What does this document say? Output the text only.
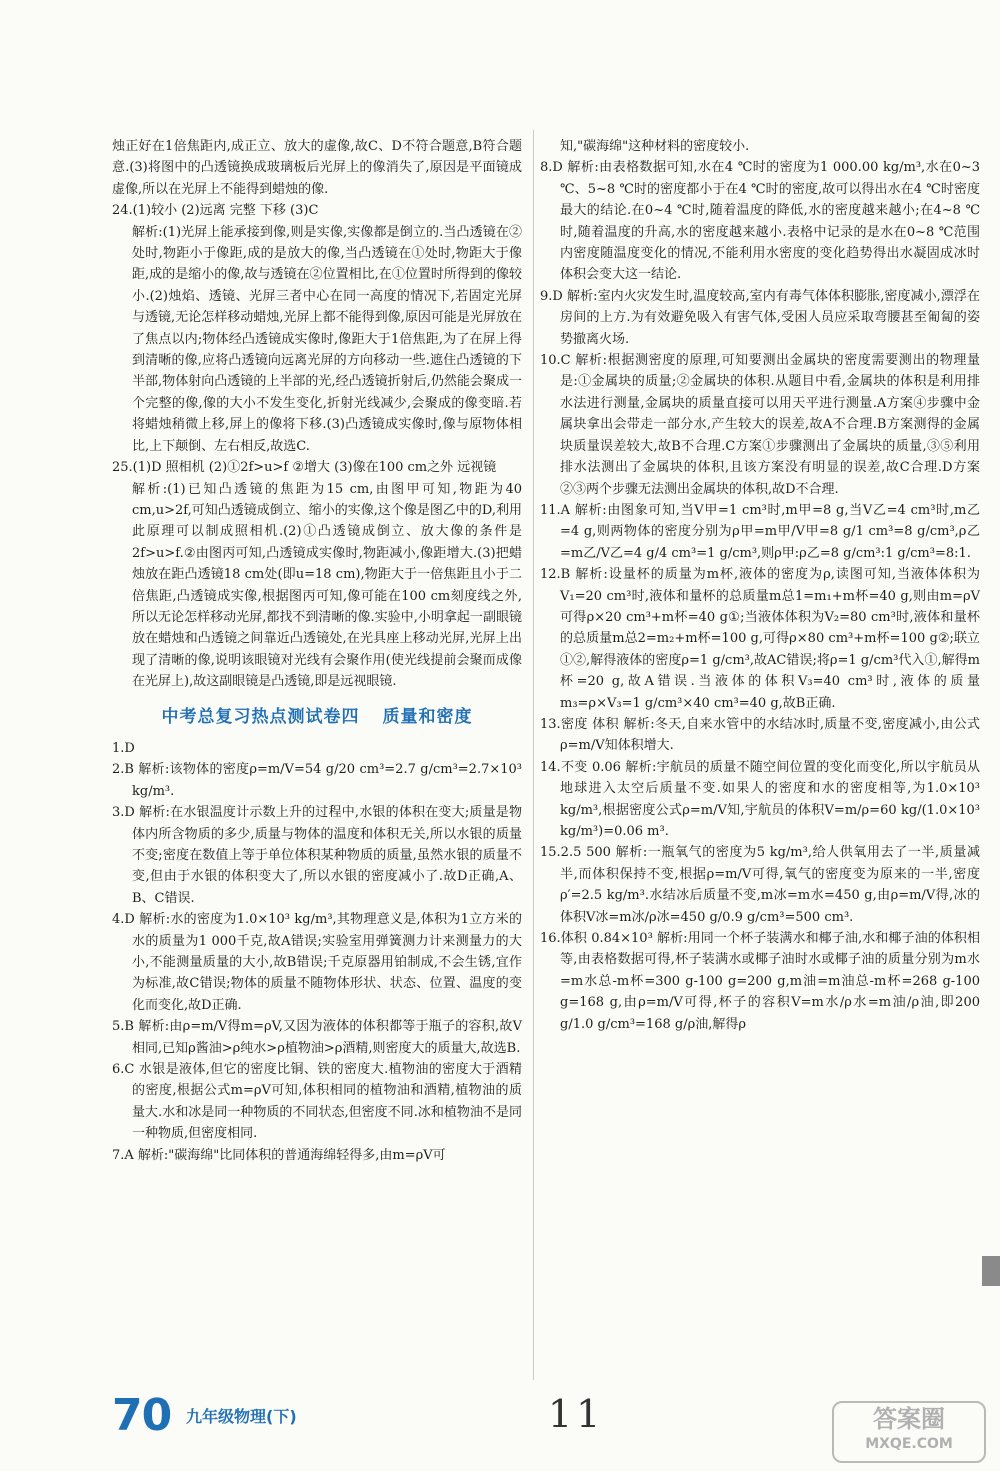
烛正好在1倍焦距内,成正立、放大的虚像,故C、D不符合题意,B符合题意.(3)将图中的凸透镜换成玻璃板后光屏上的像消失了,原因是平面镜成虚像,所以在光屏上不能得到蜡烛的像.

24.(1)较小 (2)远离 完整 下移 (3)C

解析:(1)光屏上能承接到像,则是实像,实像都是倒立的.当凸透镜在②处时,物距小于像距,成的是放大的像,当凸透镜在①处时,物距大于像距,成的是缩小的像,故与透镜在②位置相比,在①位置时所得到的像较小.(2)烛焰、透镜、光屏三者中心在同一高度的情况下,若固定光屏与透镜,无论怎样移动蜡烛,光屏上都不能得到像,原因可能是光屏放在了焦点以内;物体经凸透镜成实像时,像距大于1倍焦距,为了在屏上得到清晰的像,应将凸透镜向远离光屏的方向移动一些.遮住凸透镜的下半部,物体射向凸透镜的上半部的光,经凸透镜折射后,仍然能会聚成一个完整的像,像的大小不发生变化,折射光线减少,会聚成的像变暗.若将蜡烛稍微上移,屏上的像将下移.(3)凸透镜成实像时,像与原物体相比,上下颠倒、左右相反,故选C.

25.(1)D 照相机 (2)①2f>u>f ②增大 (3)像在100 cm之外 远视镜

解析:(1)已知凸透镜的焦距为15 cm,由图甲可知,物距为40 cm,u>2f,可知凸透镜成倒立、缩小的实像,这个像是图乙中的D,利用此原理可以制成照相机.(2)①凸透镜成倒立、放大像的条件是2f>u>f.②由图丙可知,凸透镜成实像时,物距减小,像距增大.(3)把蜡烛放在距凸透镜18 cm处(即u=18 cm),物距大于一倍焦距且小于二倍焦距,凸透镜成实像,根据图丙可知,像可能在100 cm刻度线之外,所以无论怎样移动光屏,都找不到清晰的像.实验中,小明拿起一副眼镜放在蜡烛和凸透镜之间靠近凸透镜处,在光具座上移动光屏,光屏上出现了清晰的像,说明该眼镜对光线有会聚作用(使光线提前会聚而成像在光屏上),故这副眼镜是凸透镜,即是远视眼镜.

中考总复习热点测试卷四 质量和密度

1.D

2.B 解析:该物体的密度ρ=m/V=54 g/20 cm³=2.7 g/cm³=2.7×10³ kg/m³.

3.D 解析:在水银温度计示数上升的过程中,水银的体积在变大;质量是物体内所含物质的多少,质量与物体的温度和体积无关,所以水银的质量不变;密度在数值上等于单位体积某种物质的质量,虽然水银的质量不变,但由于水银的体积变大了,所以水银的密度减小了.故D正确,A、B、C错误.

4.D 解析:水的密度为1.0×10³ kg/m³,其物理意义是,体积为1立方米的水的质量为1 000千克,故A错误;实验室用弹簧测力计来测量力的大小,不能测量质量的大小,故B错误;千克原器用铂制成,不会生锈,宜作为标准,故C错误;物体的质量不随物体形状、状态、位置、温度的变化而变化,故D正确.

5.B 解析:由ρ=m/V得m=ρV,又因为液体的体积都等于瓶子的容积,故V相同,已知ρ酱油>ρ纯水>ρ植物油>ρ酒精,则密度大的质量大,故选B.

6.C 水银是液体,但它的密度比铜、铁的密度大.植物油的密度大于酒精的密度,根据公式m=ρV可知,体积相同的植物油和酒精,植物油的质量大.水和冰是同一种物质的不同状态,但密度不同.冰和植物油不是同一种物质,但密度相同.

7.A 解析:"碳海绵"比同体积的普通海绵轻得多,由m=ρV可

知,"碳海绵"这种材料的密度较小.

8.D 解析:由表格数据可知,水在4 ℃时的密度为1 000.00 kg/m³,水在0~3 ℃、5~8 ℃时的密度都小于在4 ℃时的密度,故可以得出水在4 ℃时密度最大的结论.在0~4 ℃时,随着温度的降低,水的密度越来越小;在4~8 ℃时,随着温度的升高,水的密度越来越小.表格中记录的是水在0~8 ℃范围内密度随温度变化的情况,不能利用水密度的变化趋势得出水凝固成冰时体积会变大这一结论.

9.D 解析:室内火灾发生时,温度较高,室内有毒气体体积膨胀,密度减小,漂浮在房间的上方.为有效避免吸入有害气体,受困人员应采取弯腰甚至匍匐的姿势撤离火场.

10.C 解析:根据测密度的原理,可知要测出金属块的密度需要测出的物理量是:①金属块的质量;②金属块的体积.从题目中看,金属块的体积是利用排水法进行测量,金属块的质量直接可以用天平进行测量.A方案④步骤中金属块拿出会带走一部分水,产生较大的误差,故A不合理.B方案测得的金属块质量误差较大,故B不合理.C方案①步骤测出了金属块的质量,③⑤利用排水法测出了金属块的体积,且该方案没有明显的误差,故C合理.D方案②③两个步骤无法测出金属块的体积,故D不合理.

11.A 解析:由图象可知,当V甲=1 cm³时,m甲=8 g,当V乙=4 cm³时,m乙=4 g,则两物体的密度分别为ρ甲=m甲/V甲=8 g/1 cm³=8 g/cm³,ρ乙=m乙/V乙=4 g/4 cm³=1 g/cm³,则ρ甲:ρ乙=8 g/cm³:1 g/cm³=8:1.

12.B 解析:设量杯的质量为m杯,液体的密度为ρ,读图可知,当液体体积为V₁=20 cm³时,液体和量杯的总质量m总1=m₁+m杯=40 g,则由m=ρV可得ρ×20 cm³+m杯=40 g①;当液体体积为V₂=80 cm³时,液体和量杯的总质量m总2=m₂+m杯=100 g,可得ρ×80 cm³+m杯=100 g②;联立①②,解得液体的密度ρ=1 g/cm³,故AC错误;将ρ=1 g/cm³代入①,解得m杯=20 g,故A错误.当液体的体积V₃=40 cm³时,液体的质量m₃=ρ×V₃=1 g/cm³×40 cm³=40 g,故B正确.

13.密度 体积 解析:冬天,自来水管中的水结冰时,质量不变,密度减小,由公式ρ=m/V知体积增大.

14.不变 0.06 解析:宇航员的质量不随空间位置的变化而变化,所以宇航员从地球进入太空后质量不变.如果人的密度和水的密度相等,为1.0×10³ kg/m³,根据密度公式ρ=m/V知,宇航员的体积V=m/ρ=60 kg/(1.0×10³ kg/m³)=0.06 m³.

15.2.5 500 解析:一瓶氧气的密度为5 kg/m³,给人供氧用去了一半,质量减半,而体积保持不变,根据ρ=m/V可得,氧气的密度变为原来的一半,密度ρ′=2.5 kg/m³.水结冰后质量不变,m冰=m水=450 g,由ρ=m/V得,冰的体积V冰=m冰/ρ冰=450 g/0.9 g/cm³=500 cm³.

16.体积 0.84×10³ 解析:用同一个杯子装满水和椰子油,水和椰子油的体积相等,由表格数据可得,杯子装满水或椰子油时水或椰子油的质量分别为m水=m水总-m杯=300 g-100 g=200 g,m油=m油总-m杯=268 g-100 g=168 g,由ρ=m/V可得,杯子的容积V=m水/ρ水=m油/ρ油,即200 g/1.0 g/cm³=168 g/ρ油,解得ρ

70 九年级物理(下)	11	答案圈
MXQE.COM
